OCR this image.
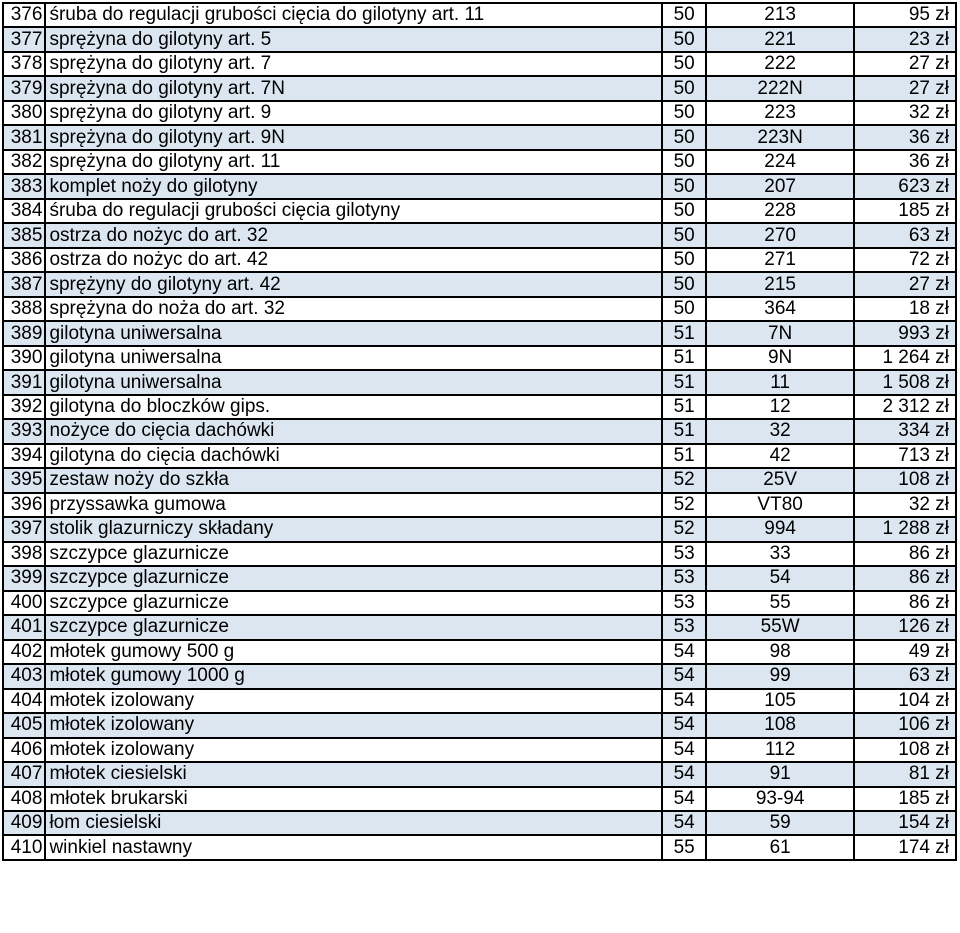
376	śruba do regulacji grubości cięcia do gilotyny art. 11	50	213	95 zł
377	sprężyna do gilotyny art. 5	50	221	23 zł
378	sprężyna do gilotyny art. 7	50	222	27 zł
379	sprężyna do gilotyny art. 7N	50	222N	27 zł
380	sprężyna do gilotyny art. 9	50	223	32 zł
381	sprężyna do gilotyny art. 9N	50	223N	36 zł
382	sprężyna do gilotyny art. 11	50	224	36 zł
383	komplet noży do gilotyny	50	207	623 zł
384	śruba do regulacji grubości cięcia gilotyny	50	228	185 zł
385	ostrza do nożyc do art. 32	50	270	63 zł
386	ostrza do nożyc do art. 42	50	271	72 zł
387	sprężyny do gilotyny art. 42	50	215	27 zł
388	sprężyna do noża do art. 32	50	364	18 zł
389	gilotyna uniwersalna	51	7N	993 zł
390	gilotyna uniwersalna	51	9N	1 264 zł
391	gilotyna uniwersalna	51	11	1 508 zł
392	gilotyna do bloczków gips.	51	12	2 312 zł
393	nożyce do cięcia dachówki	51	32	334 zł
394	gilotyna do cięcia dachówki	51	42	713 zł
395	zestaw noży do szkła	52	25V	108 zł
396	przyssawka gumowa	52	VT80	32 zł
397	stolik glazurniczy składany	52	994	1 288 zł
398	szczypce glazurnicze	53	33	86 zł
399	szczypce glazurnicze	53	54	86 zł
400	szczypce glazurnicze	53	55	86 zł
401	szczypce glazurnicze	53	55W	126 zł
402	młotek gumowy 500 g	54	98	49 zł
403	młotek gumowy 1000 g	54	99	63 zł
404	młotek izolowany	54	105	104 zł
405	młotek izolowany	54	108	106 zł
406	młotek izolowany	54	112	108 zł
407	młotek ciesielski	54	91	81 zł
408	młotek brukarski	54	93-94	185 zł
409	łom ciesielski	54	59	154 zł
410	winkiel nastawny	55	61	174 zł
